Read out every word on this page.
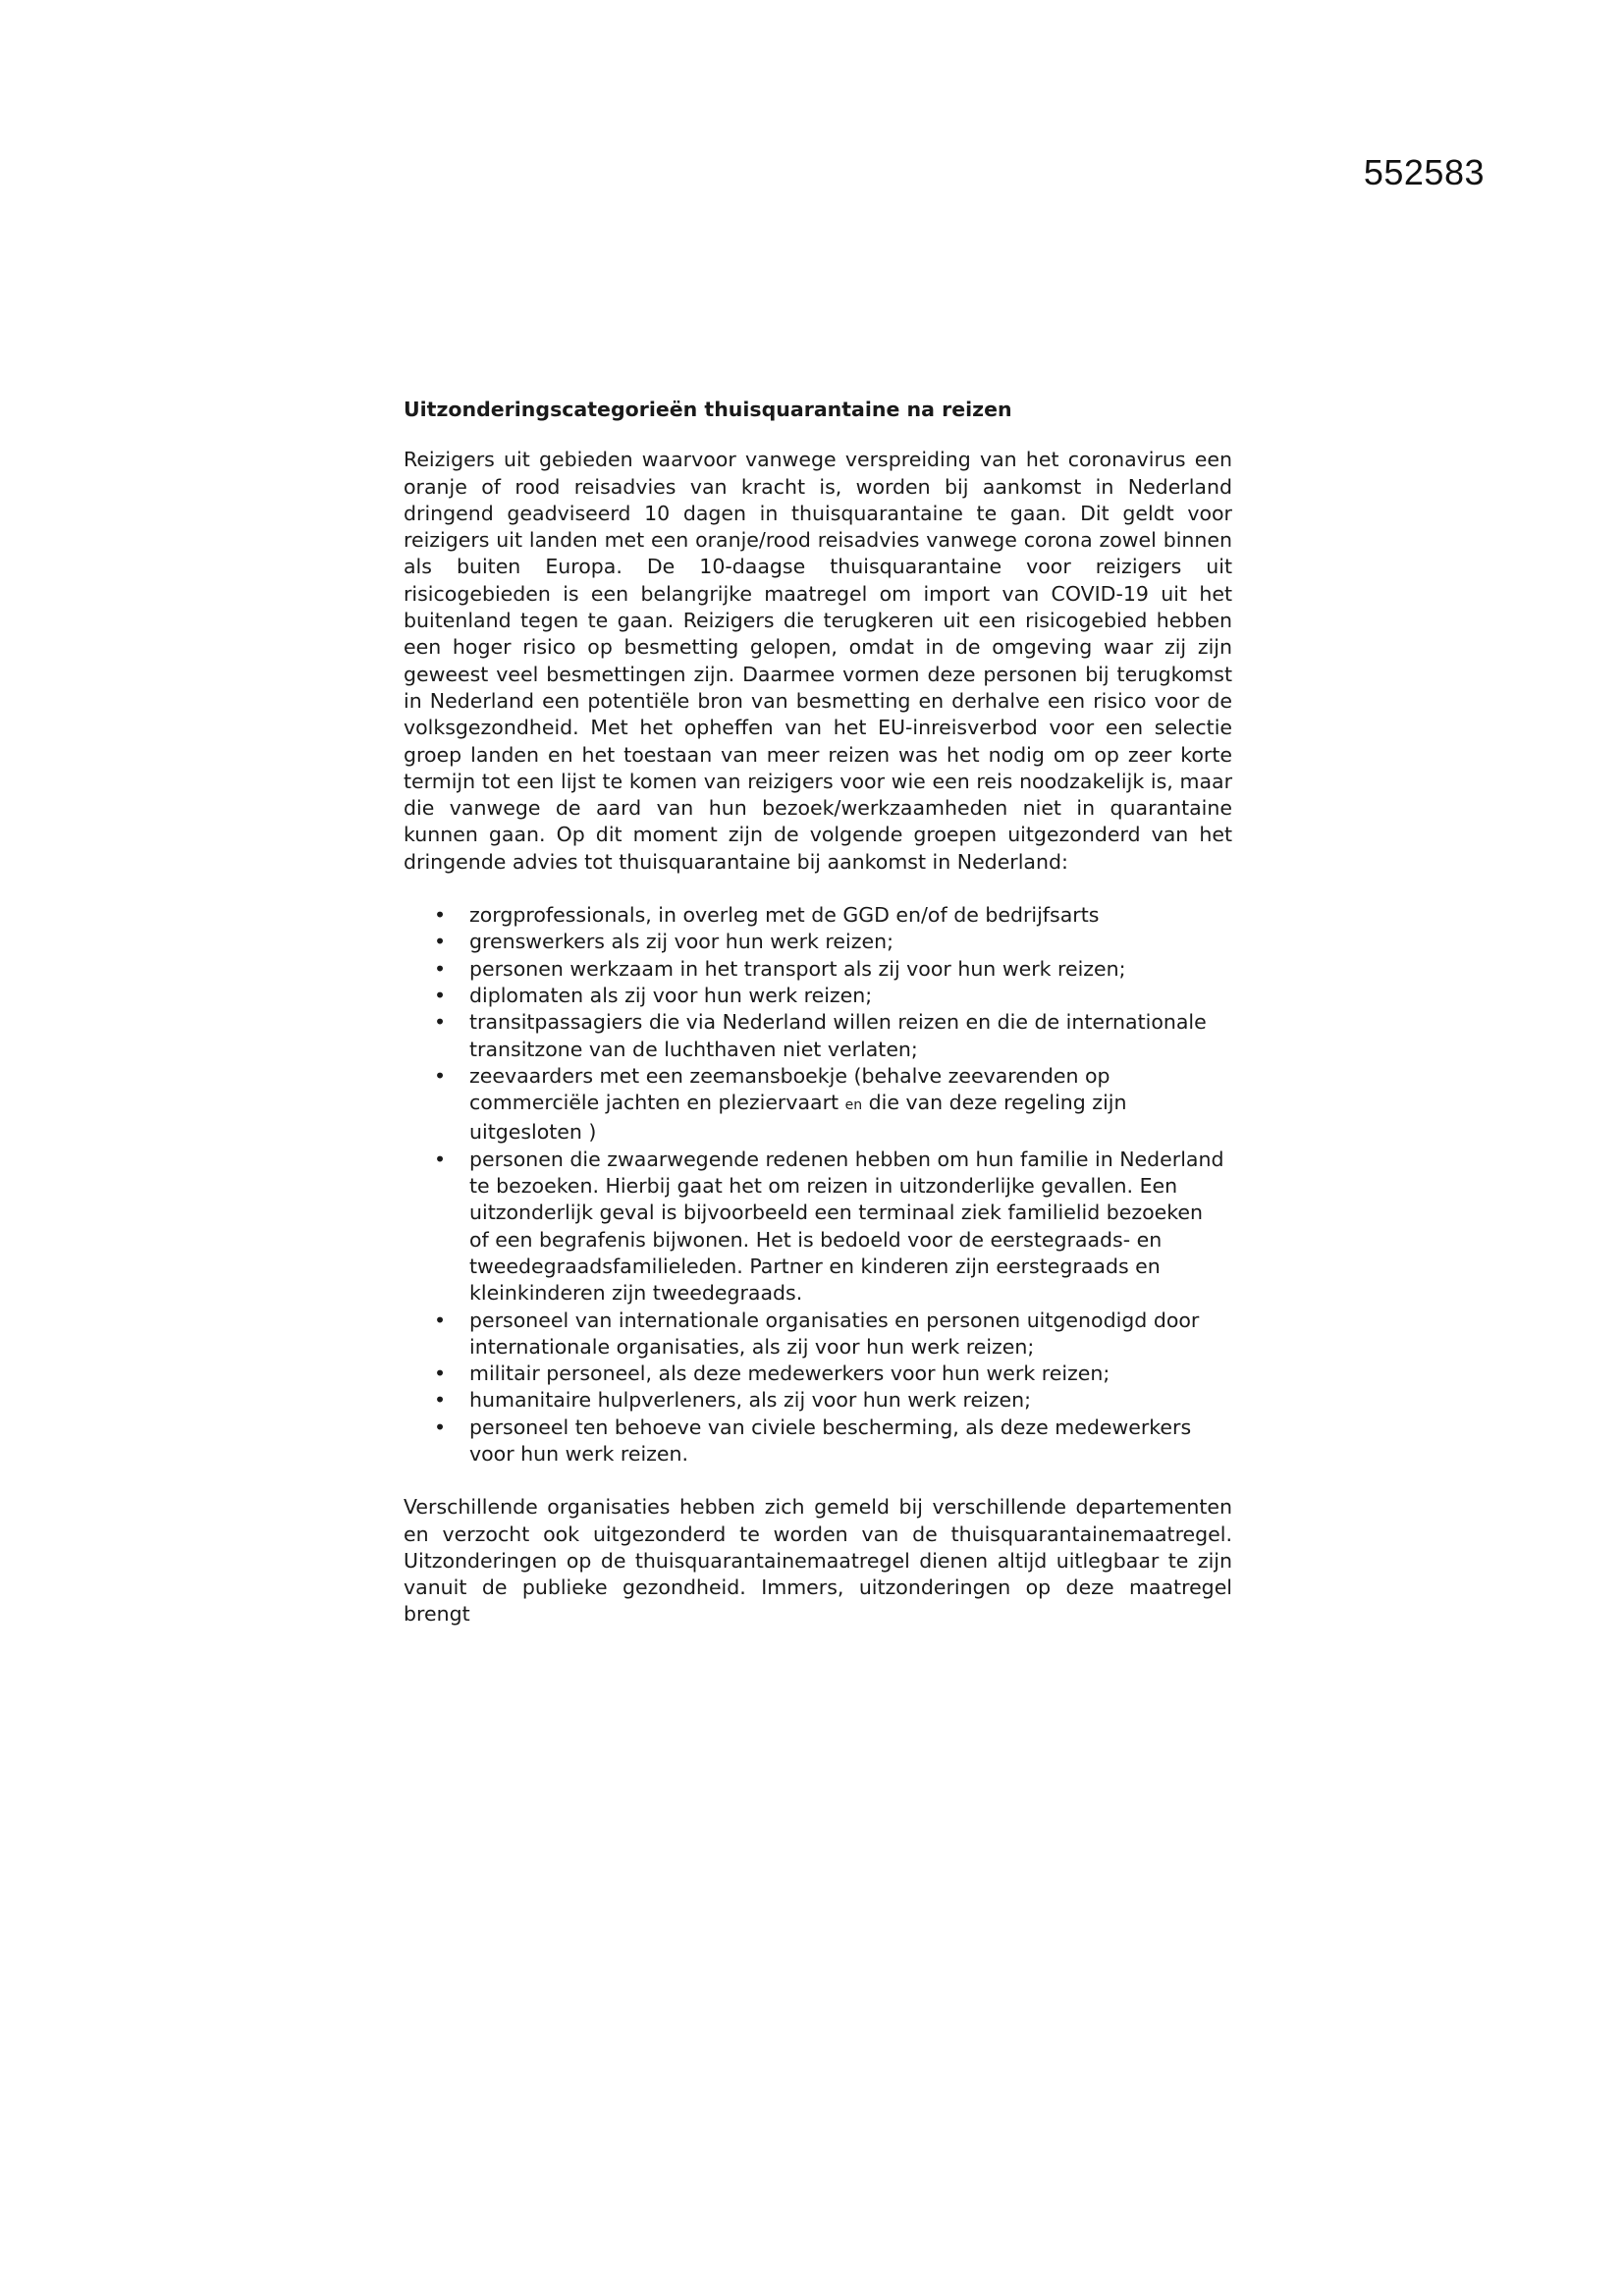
552583

Uitzonderingscategorieën thuisquarantaine na reizen

Reizigers uit gebieden waarvoor vanwege verspreiding van het coronavirus een oranje of rood reisadvies van kracht is, worden bij aankomst in Nederland dringend geadviseerd 10 dagen in thuisquarantaine te gaan. Dit geldt voor reizigers uit landen met een oranje/rood reisadvies vanwege corona zowel binnen als buiten Europa. De 10-daagse thuisquarantaine voor reizigers uit risicogebieden is een belangrijke maatregel om import van COVID-19 uit het buitenland tegen te gaan. Reizigers die terugkeren uit een risicogebied hebben een hoger risico op besmetting gelopen, omdat in de omgeving waar zij zijn geweest veel besmettingen zijn. Daarmee vormen deze personen bij terugkomst in Nederland een potentiële bron van besmetting en derhalve een risico voor de volksgezondheid. Met het opheffen van het EU-inreisverbod voor een selectie groep landen en het toestaan van meer reizen was het nodig om op zeer korte termijn tot een lijst te komen van reizigers voor wie een reis noodzakelijk is, maar die vanwege de aard van hun bezoek/werkzaamheden niet in quarantaine kunnen gaan. Op dit moment zijn de volgende groepen uitgezonderd van het dringende advies tot thuisquarantaine bij aankomst in Nederland:

• zorgprofessionals, in overleg met de GGD en/of de bedrijfsarts
• grenswerkers als zij voor hun werk reizen;
• personen werkzaam in het transport als zij voor hun werk reizen;
• diplomaten als zij voor hun werk reizen;
• transitpassagiers die via Nederland willen reizen en die de internationale transitzone van de luchthaven niet verlaten;
• zeevaarders met een zeemansboekje (behalve zeevarenden op commerciële jachten en pleziervaart en die van deze regeling zijn uitgesloten )
• personen die zwaarwegende redenen hebben om hun familie in Nederland te bezoeken. Hierbij gaat het om reizen in uitzonderlijke gevallen. Een uitzonderlijk geval is bijvoorbeeld een terminaal ziek familielid bezoeken of een begrafenis bijwonen. Het is bedoeld voor de eerstegraads- en tweedegraadsfamilieleden. Partner en kinderen zijn eerstegraads en kleinkinderen zijn tweedegraads.
• personeel van internationale organisaties en personen uitgenodigd door internationale organisaties, als zij voor hun werk reizen;
• militair personeel, als deze medewerkers voor hun werk reizen;
• humanitaire hulpverleners, als zij voor hun werk reizen;
• personeel ten behoeve van civiele bescherming, als deze medewerkers voor hun werk reizen.

Verschillende organisaties hebben zich gemeld bij verschillende departementen en verzocht ook uitgezonderd te worden van de thuisquarantainemaatregel. Uitzonderingen op de thuisquarantainemaatregel dienen altijd uitlegbaar te zijn vanuit de publieke gezondheid. Immers, uitzonderingen op deze maatregel brengt
